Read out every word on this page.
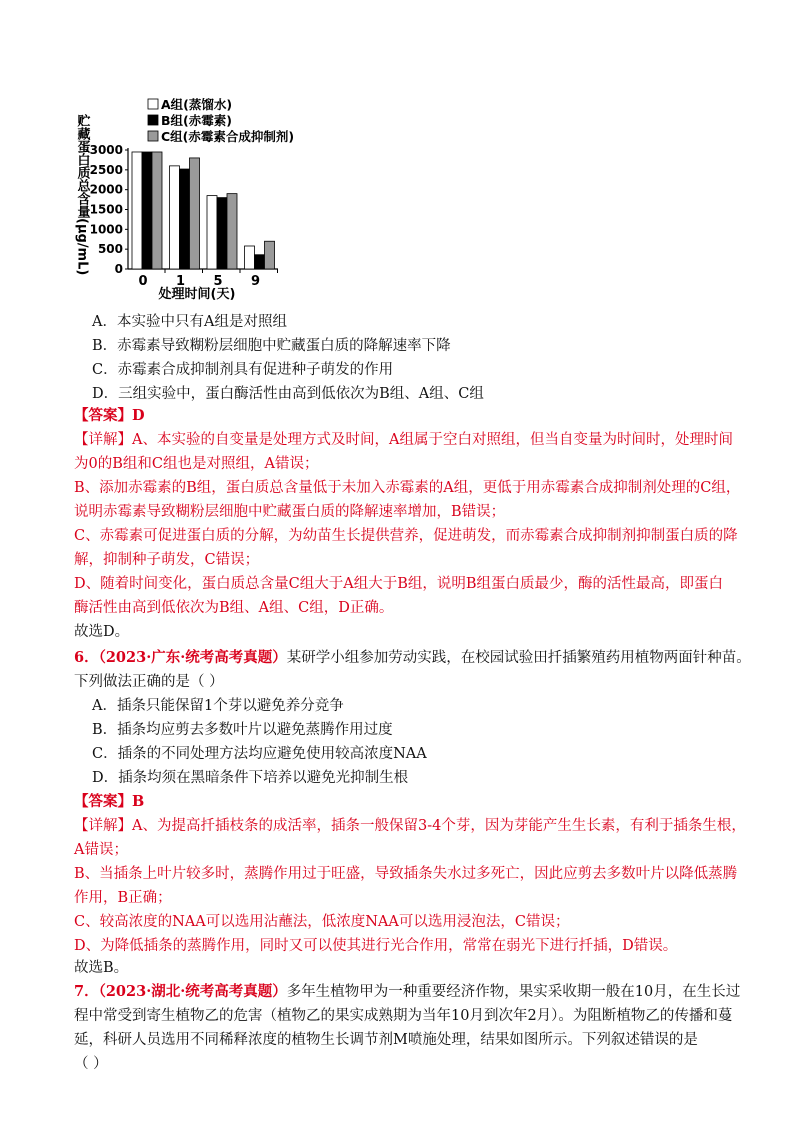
贮藏蛋白质总含量(μg/mL) 0
500
1000
1500
2000
2500
3000
0 1 5 9
A组(蒸馏水)
B组(赤霉素)
C组(赤霉素合成抑制剂)
处理时间(天)
A．本实验中只有A组是对照组
B．赤霉素导致糊粉层细胞中贮藏蛋白质的降解速率下降
C．赤霉素合成抑制剂具有促进种子萌发的作用
D．三组实验中，蛋白酶活性由高到低依次为B组、A组、C组
【答案】D
【详解】A、本实验的自变量是处理方式及时间，A组属于空白对照组，但当自变量为时间时，处理时间
为0的B组和C组也是对照组，A错误；
B、添加赤霉素的B组，蛋白质总含量低于未加入赤霉素的A组，更低于用赤霉素合成抑制剂处理的C组，
说明赤霉素导致糊粉层细胞中贮藏蛋白质的降解速率增加，B错误；
C、赤霉素可促进蛋白质的分解，为幼苗生长提供营养，促进萌发，而赤霉素合成抑制剂抑制蛋白质的降
解，抑制种子萌发，C错误；
D、随着时间变化，蛋白质总含量C组大于A组大于B组，说明B组蛋白质最少，酶的活性最高，即蛋白
酶活性由高到低依次为B组、A组、C组，D正确。
故选D。
6．（2023·广东·统考高考真题）某研学小组参加劳动实践，在校园试验田扦插繁殖药用植物两面针种苗。
下列做法正确的是（ ）
A．插条只能保留1个芽以避免养分竞争
B．插条均应剪去多数叶片以避免蒸腾作用过度
C．插条的不同处理方法均应避免使用较高浓度NAA
D．插条均须在黑暗条件下培养以避免光抑制生根
【答案】B
【详解】A、为提高扦插枝条的成活率，插条一般保留3-4个芽，因为芽能产生生长素，有利于插条生根，
A错误；
B、当插条上叶片较多时，蒸腾作用过于旺盛，导致插条失水过多死亡，因此应剪去多数叶片以降低蒸腾
作用，B正确；
C、较高浓度的NAA可以选用沾蘸法，低浓度NAA可以选用浸泡法，C错误；
D、为降低插条的蒸腾作用，同时又可以使其进行光合作用，常常在弱光下进行扦插，D错误。
故选B。
7．（2023·湖北·统考高考真题）多年生植物甲为一种重要经济作物，果实采收期一般在10月，在生长过
程中常受到寄生植物乙的危害（植物乙的果实成熟期为当年10月到次年2月）。为阻断植物乙的传播和蔓
延，科研人员选用不同稀释浓度的植物生长调节剂M喷施处理，结果如图所示。下列叙述错误的是
（ ）
